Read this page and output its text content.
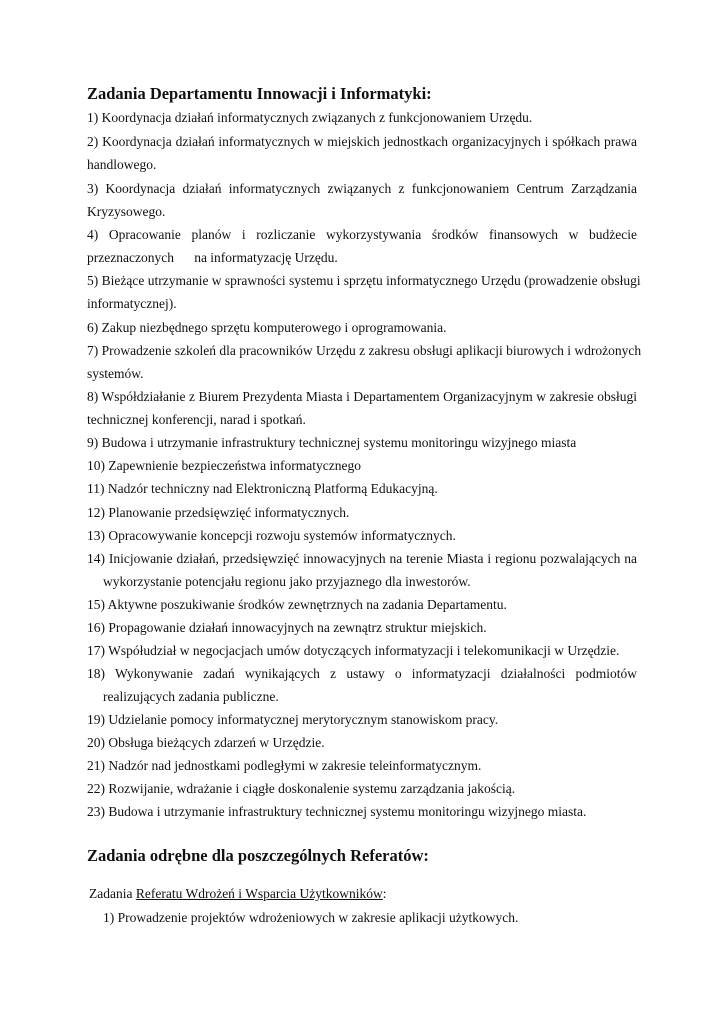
Zadania Departamentu Innowacji i Informatyki:
1) Koordynacja działań informatycznych związanych z funkcjonowaniem Urzędu.
2) Koordynacja działań informatycznych w miejskich jednostkach organizacyjnych i spółkach prawa
handlowego.
3) Koordynacja działań informatycznych związanych z funkcjonowaniem Centrum Zarządzania
Kryzysowego.
4) Opracowanie planów i rozliczanie wykorzystywania środków finansowych w budżecie
przeznaczonych      na informatyzację Urzędu.
5) Bieżące utrzymanie w sprawności systemu i sprzętu informatycznego Urzędu (prowadzenie obsługi
informatycznej).
6) Zakup niezbędnego sprzętu komputerowego i oprogramowania.
7) Prowadzenie szkoleń dla pracowników Urzędu z zakresu obsługi aplikacji biurowych i wdrożonych
systemów.
8) Współdziałanie z Biurem Prezydenta Miasta i Departamentem Organizacyjnym w zakresie obsługi
technicznej konferencji, narad i spotkań.
9) Budowa i utrzymanie infrastruktury technicznej systemu monitoringu wizyjnego miasta
10) Zapewnienie bezpieczeństwa informatycznego
11) Nadzór techniczny nad Elektroniczną Platformą Edukacyjną.
12) Planowanie przedsięwzięć informatycznych.
13) Opracowywanie koncepcji rozwoju systemów informatycznych.
14) Inicjowanie działań, przedsięwzięć innowacyjnych na terenie Miasta i regionu pozwalających na
wykorzystanie potencjału regionu jako przyjaznego dla inwestorów.
15) Aktywne poszukiwanie środków zewnętrznych na zadania Departamentu.
16) Propagowanie działań innowacyjnych na zewnątrz struktur miejskich.
17) Współudział w negocjacjach umów dotyczących informatyzacji i telekomunikacji w Urzędzie.
18) Wykonywanie zadań wynikających z ustawy o informatyzacji działalności podmiotów
realizujących zadania publiczne.
19) Udzielanie pomocy informatycznej merytorycznym stanowiskom pracy.
20) Obsługa bieżących zdarzeń w Urzędzie.
21) Nadzór nad jednostkami podległymi w zakresie teleinformatycznym.
22) Rozwijanie, wdrażanie i ciągłe doskonalenie systemu zarządzania jakością.
23) Budowa i utrzymanie infrastruktury technicznej systemu monitoringu wizyjnego miasta.
Zadania odrębne dla poszczególnych Referatów:
Zadania Referatu Wdrożeń i Wsparcia Użytkowników:
1) Prowadzenie projektów wdrożeniowych w zakresie aplikacji użytkowych.
